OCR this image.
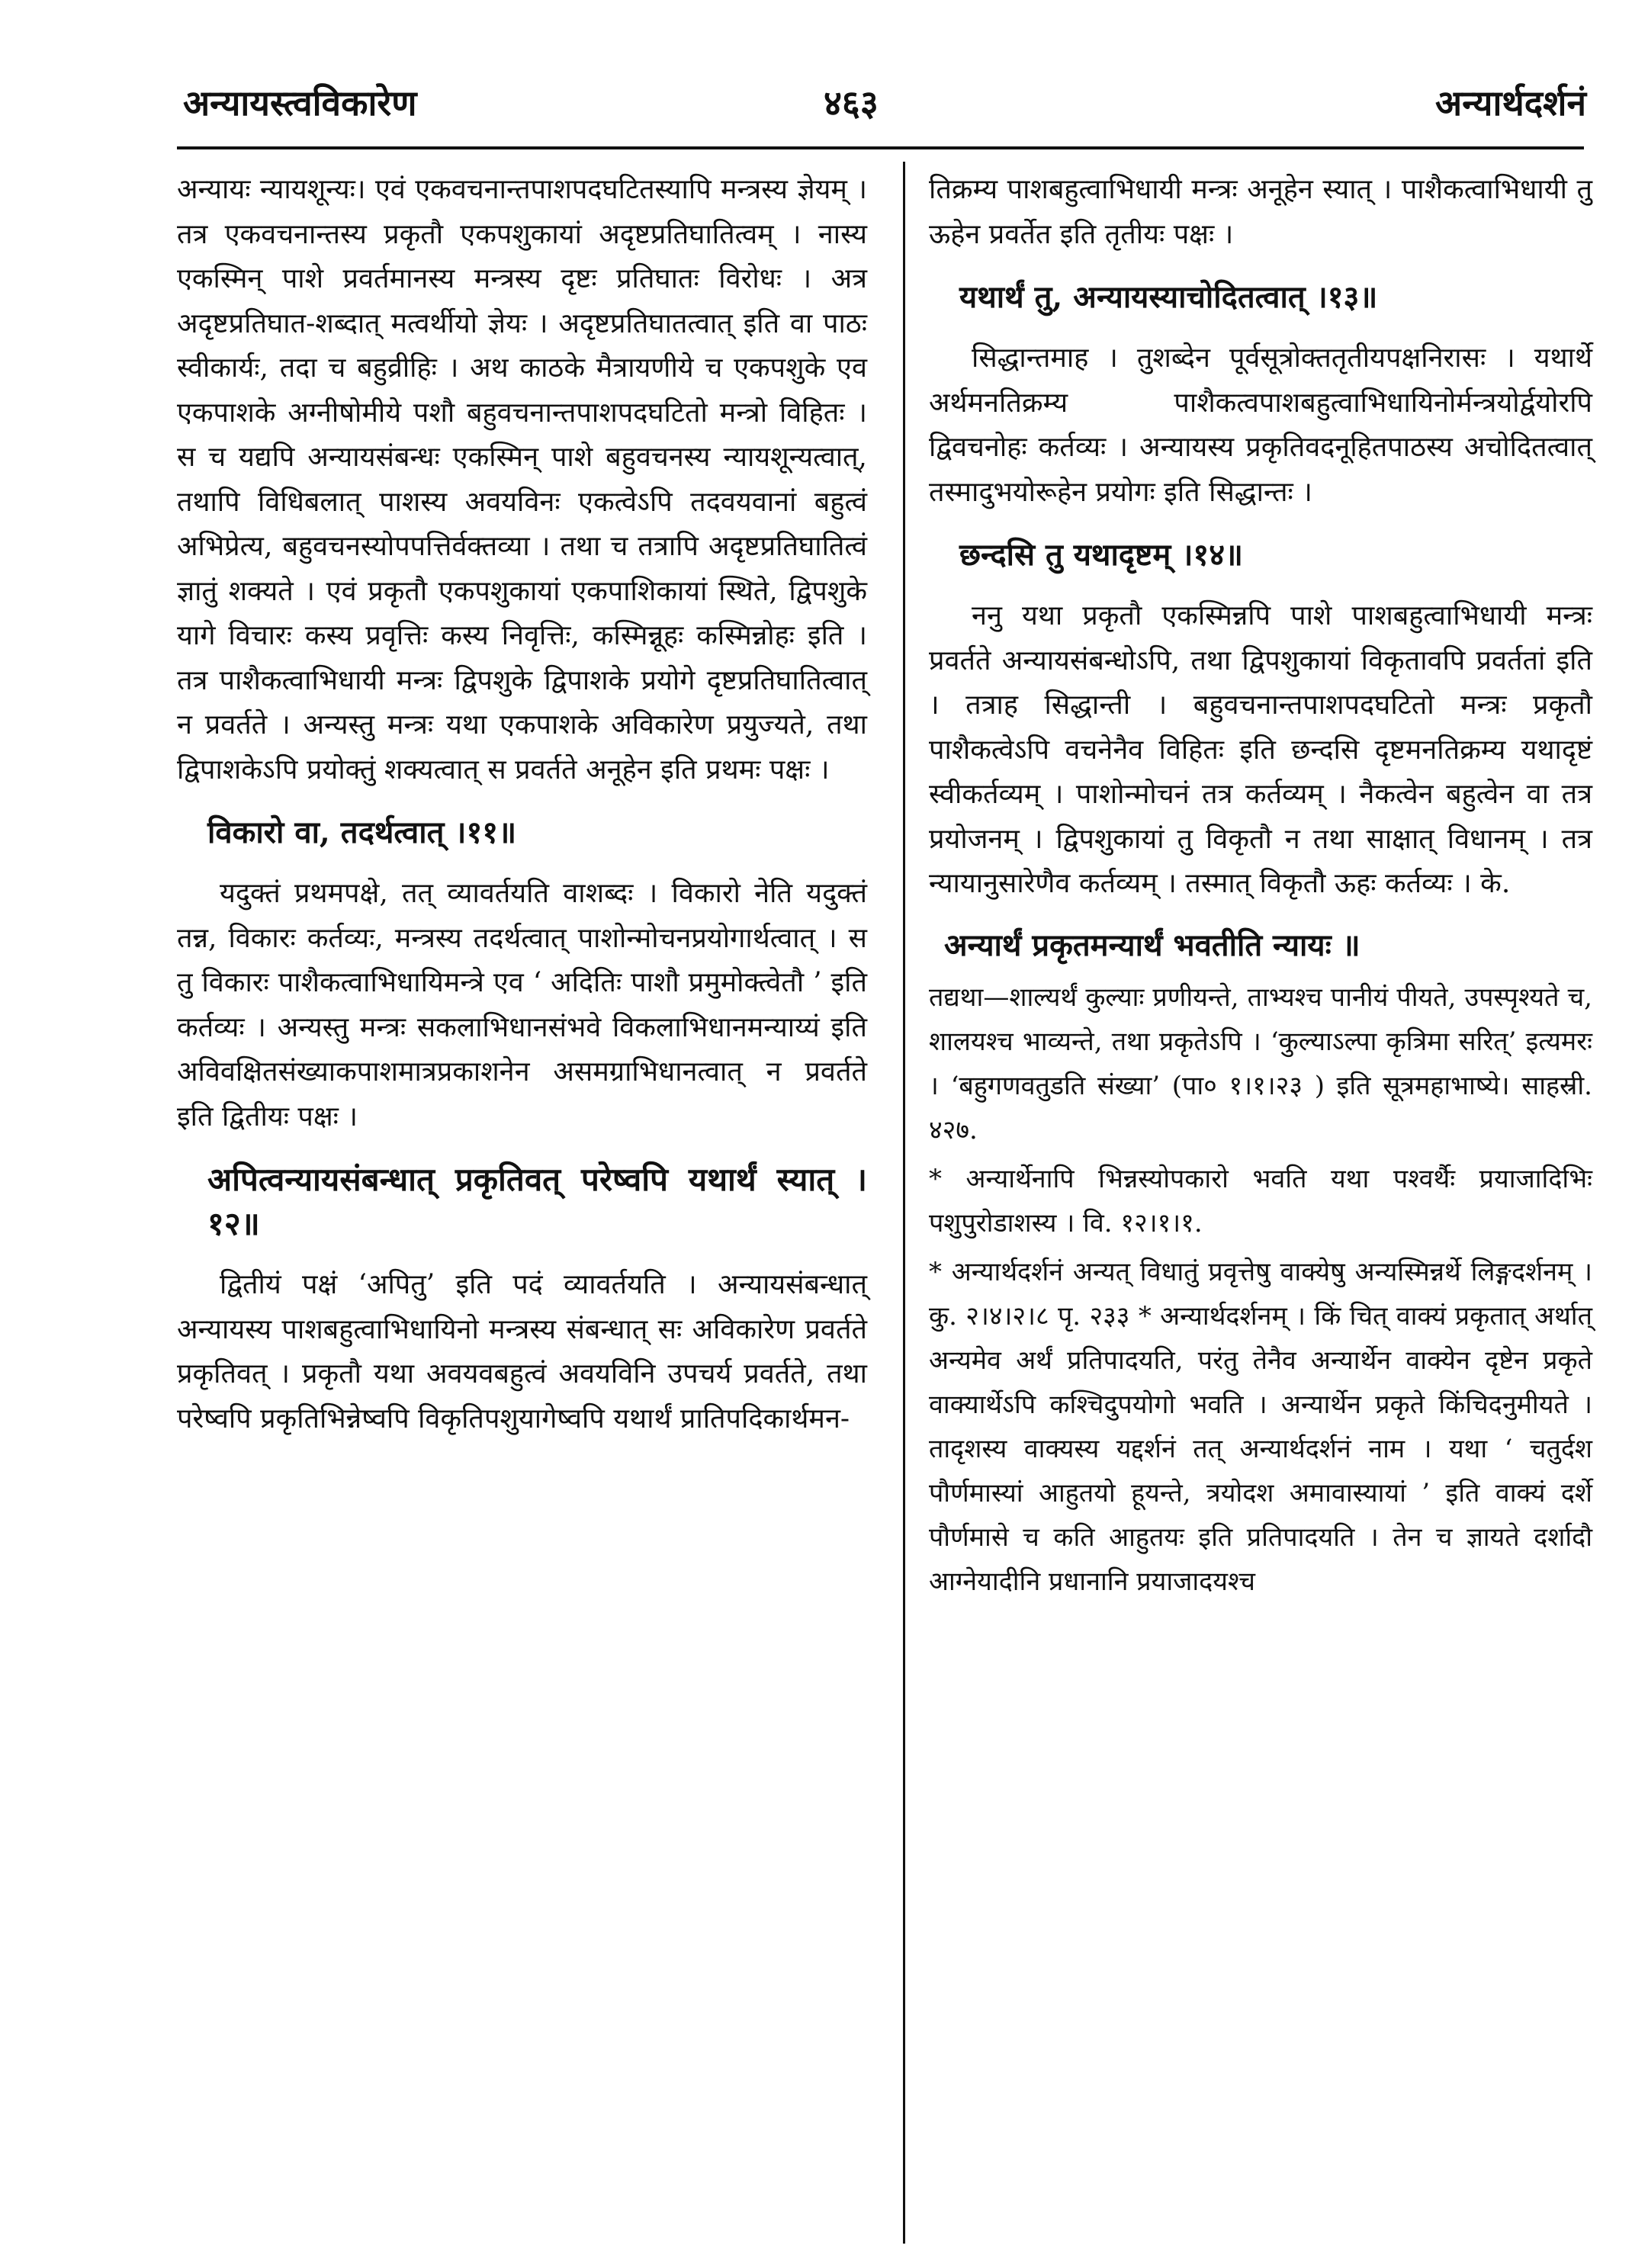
अन्यायस्त्वविकारेण	४६३	अन्यार्थदर्शनं

अन्यायः न्यायशून्यः। एवं एकवचनान्तपाशपदघटितस्यापि मन्त्रस्य ज्ञेयम् । तत्र एकवचनान्तस्य प्रकृतौ एकपशुकायां अदृष्टप्रतिघातित्वम् । नास्य एकस्मिन् पाशे प्रवर्तमानस्य मन्त्रस्य दृष्टः प्रतिघातः विरोधः । अत्र अदृष्टप्रतिघात-शब्दात् मत्वर्थीयो ज्ञेयः । अदृष्टप्रतिघातत्वात् इति वा पाठः स्वीकार्यः, तदा च बहुव्रीहिः । अथ काठके मैत्रायणीये च एकपशुके एव एकपाशके अग्नीषोमीये पशौ बहुवचनान्तपाशपदघटितो मन्त्रो विहितः । स च यद्यपि अन्यायसंबन्धः एकस्मिन् पाशे बहुवचनस्य न्यायशून्यत्वात्, तथापि विधिबलात् पाशस्य अवयविनः एकत्वेऽपि तदवयवानां बहुत्वं अभिप्रेत्य, बहुवचनस्योपपत्तिर्वक्तव्या । तथा च तत्रापि अदृष्टप्रतिघातित्वं ज्ञातुं शक्यते । एवं प्रकृतौ एकपशुकायां एकपाशिकायां स्थिते, द्विपशुके यागे विचारः कस्य प्रवृत्तिः कस्य निवृत्तिः, कस्मिन्नूहः कस्मिन्नोहः इति । तत्र पाशैकत्वाभिधायी मन्त्रः द्विपशुके द्विपाशके प्रयोगे दृष्टप्रतिघातित्वात् न प्रवर्तते । अन्यस्तु मन्त्रः यथा एकपाशके अविकारेण प्रयुज्यते, तथा द्विपाशकेऽपि प्रयोक्तुं शक्यत्वात् स प्रवर्तते अनूहेन इति प्रथमः पक्षः ।

विकारो वा, तदर्थत्वात् ।११॥

यदुक्तं प्रथमपक्षे, तत् व्यावर्तयति वाशब्दः । विकारो नेति यदुक्तं तन्न, विकारः कर्तव्यः, मन्त्रस्य तदर्थत्वात् पाशोन्मोचनप्रयोगार्थत्वात् । स तु विकारः पाशैकत्वाभिधायिमन्त्रे एव ‘ अदितिः पाशौ प्रमुमोक्त्वेतौ ’ इति कर्तव्यः । अन्यस्तु मन्त्रः सकलाभिधानसंभवे विकलाभिधानमन्याय्यं इति अविवक्षितसंख्याकपाशमात्रप्रकाशनेन असमग्राभिधानत्वात् न प्रवर्तते इति द्वितीयः पक्षः ।

अपित्वन्यायसंबन्धात् प्रकृतिवत् परेष्वपि यथार्थं स्यात् ।१२॥

द्वितीयं पक्षं ‘अपितु’ इति पदं व्यावर्तयति । अन्यायसंबन्धात् अन्यायस्य पाशबहुत्वाभिधायिनो मन्त्रस्य संबन्धात् सः अविकारेण प्रवर्तते प्रकृतिवत् । प्रकृतौ यथा अवयवबहुत्वं अवयविनि उपचर्य प्रवर्तते, तथा परेष्वपि प्रकृतिभिन्नेष्वपि विकृतिपशुयागेष्वपि यथार्थं प्रातिपदिकार्थमन-

तिक्रम्य पाशबहुत्वाभिधायी मन्त्रः अनूहेन स्यात् । पाशैकत्वाभिधायी तु ऊहेन प्रवर्तेत इति तृतीयः पक्षः ।

यथार्थं तु, अन्यायस्याचोदितत्वात् ।१३॥

सिद्धान्तमाह । तुशब्देन पूर्वसूत्रोक्ततृतीयपक्षनिरासः । यथार्थे अर्थमनतिक्रम्य पाशैकत्वपाशबहुत्वाभिधायिनोर्मन्त्रयोर्द्वयोरपि द्विवचनोहः कर्तव्यः । अन्यायस्य प्रकृतिवदनूहितपाठस्य अचोदितत्वात् तस्मादुभयोरूहेन प्रयोगः इति सिद्धान्तः ।

छन्दसि तु यथादृष्टम् ।१४॥

ननु यथा प्रकृतौ एकस्मिन्नपि पाशे पाशबहुत्वाभिधायी मन्त्रः प्रवर्तते अन्यायसंबन्धोऽपि, तथा द्विपशुकायां विकृतावपि प्रवर्ततां इति । तत्राह सिद्धान्ती । बहुवचनान्तपाशपदघटितो मन्त्रः प्रकृतौ पाशैकत्वेऽपि वचनेनैव विहितः इति छन्दसि दृष्टमनतिक्रम्य यथादृष्टं स्वीकर्तव्यम् । पाशोन्मोचनं तत्र कर्तव्यम् । नैकत्वेन बहुत्वेन वा तत्र प्रयोजनम् । द्विपशुकायां तु विकृतौ न तथा साक्षात् विधानम् । तत्र न्यायानुसारेणैव कर्तव्यम् । तस्मात् विकृतौ ऊहः कर्तव्यः । के.

अन्यार्थं प्रकृतमन्यार्थं भवतीति न्यायः ॥

तद्यथा—शाल्यर्थं कुल्याः प्रणीयन्ते, ताभ्यश्च पानीयं पीयते, उपस्पृश्यते च, शालयश्च भाव्यन्ते, तथा प्रकृतेऽपि । ‘कुल्याऽल्पा कृत्रिमा सरित्’ इत्यमरः । ‘बहुगणवतुडति संख्या’ (पा० १।१।२३ ) इति सूत्रमहाभाष्ये। साहस्री. ४२७.

* अन्यार्थेनापि भिन्नस्योपकारो भवति यथा पश्वर्थैः प्रयाजादिभिः पशुपुरोडाशस्य । वि. १२।१।१.

* अन्यार्थदर्शनं अन्यत् विधातुं प्रवृत्तेषु वाक्येषु अन्यस्मिन्नर्थे लिङ्गदर्शनम् । कु. २।४।२।८ पृ. २३३ * अन्यार्थदर्शनम् । किं चित् वाक्यं प्रकृतात् अर्थात् अन्यमेव अर्थं प्रतिपादयति, परंतु तेनैव अन्यार्थेन वाक्येन दृष्टेन प्रकृते वाक्यार्थेऽपि कश्चिदुपयोगो भवति । अन्यार्थेन प्रकृते किंचिदनुमीयते । तादृशस्य वाक्यस्य यद्दर्शनं तत् अन्यार्थदर्शनं नाम । यथा ‘ चतुर्दश पौर्णमास्यां आहुतयो हूयन्ते, त्रयोदश अमावास्यायां ’ इति वाक्यं दर्शे पौर्णमासे च कति आहुतयः इति प्रतिपादयति । तेन च ज्ञायते दर्शादौ आग्नेयादीनि प्रधानानि प्रयाजादयश्च
